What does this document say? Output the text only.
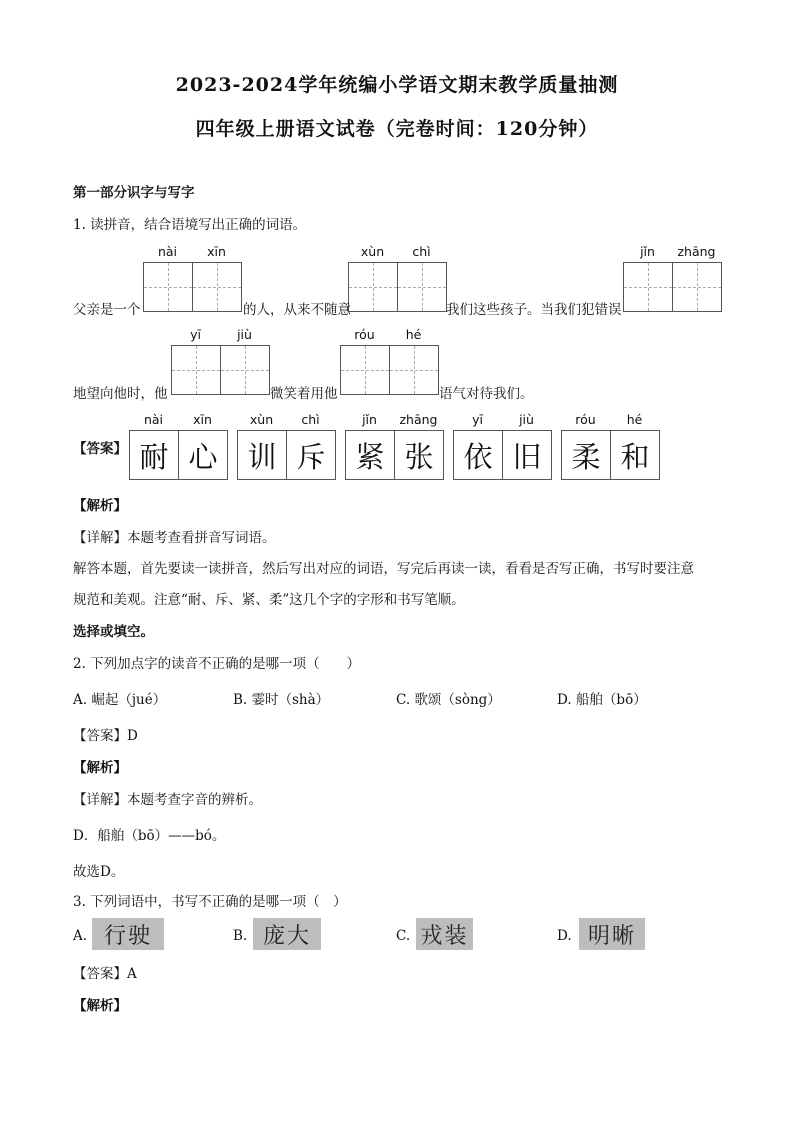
2023-2024学年统编小学语文期末教学质量抽测
四年级上册语文试卷（完卷时间：120分钟）
第一部分识字与写字
1. 读拼音，结合语境写出正确的词语。
nài	xīn	xùn	chì	jǐn	zhāng
父亲是一个	的人，从来不随意	我们这些孩子。当我们犯错误
yī	jiù	róu	hé
地望向他时，他	微笑着用他	语气对待我们。
nài	xīn	xùn	chì	jǐn	zhāng	yī	jiù	róu	hé
【答案】 耐 心	训 斥	紧 张	依 旧	柔 和
【解析】
【详解】本题考查看拼音写词语。
解答本题，首先要读一读拼音，然后写出对应的词语，写完后再读一读，看看是否写正确，书写时要注意
规范和美观。注意“耐、斥、紧、柔”这几个字的字形和书写笔顺。
选择或填空。
2. 下列加点字的读音不正确的是哪一项（　　）
A. 崛起（jué）	B. 霎时（shà）	C. 歌颂（sòng）	D. 船舶（bō）
【答案】D
【解析】
【详解】本题考查字音的辨析。
D．船舶（bō）——bó。
故选D。
3. 下列词语中，书写不正确的是哪一项（　）
A. 行驶	B. 庞大	C. 戎装	D. 明晰
【答案】A
【解析】
